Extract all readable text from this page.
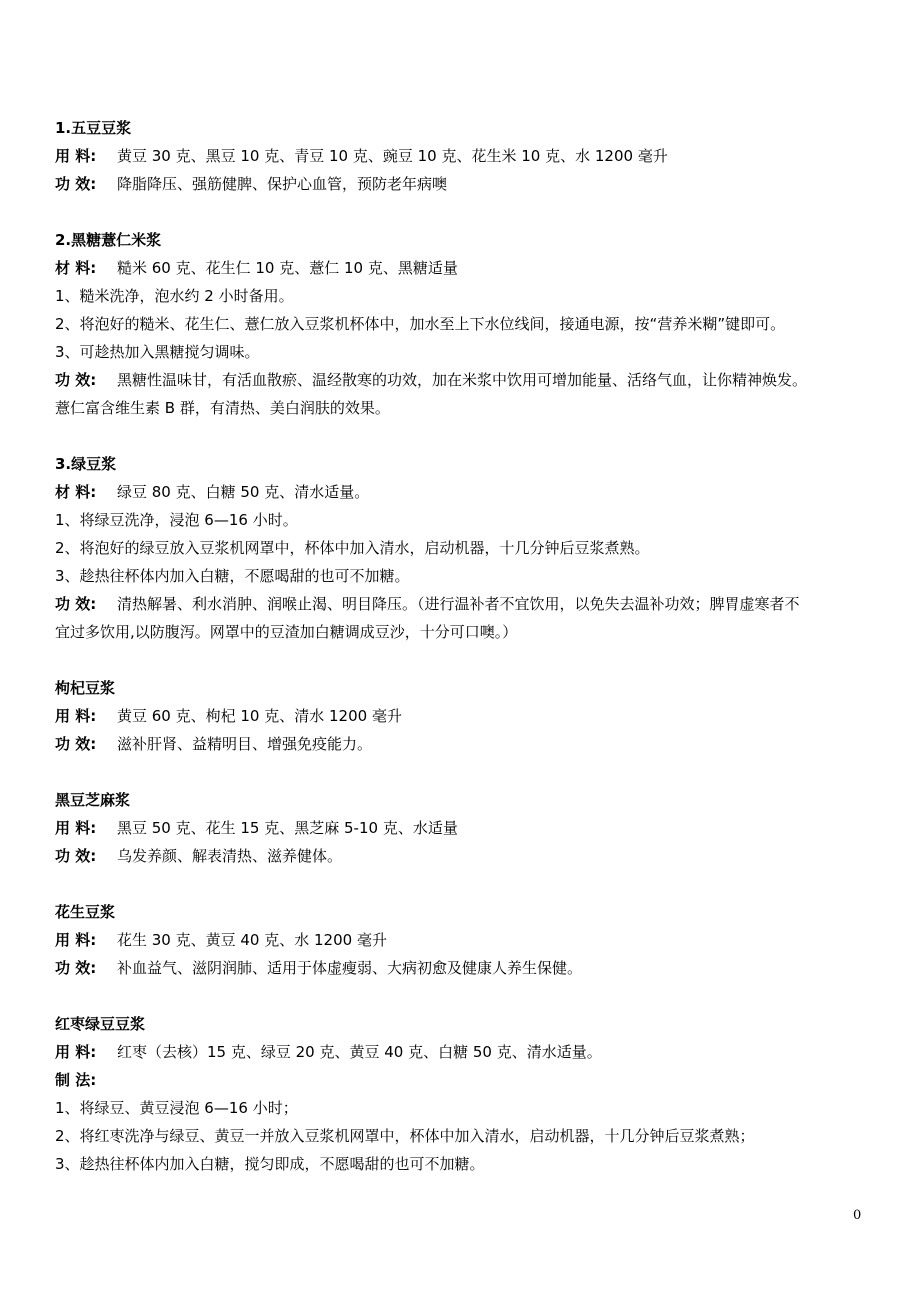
1.五豆豆浆
用 料: 黄豆 30 克、黑豆 10 克、青豆 10 克、豌豆 10 克、花生米 10 克、水 1200 毫升
功 效: 降脂降压、强筋健脾、保护心血管，预防老年病噢
2.黑糖薏仁米浆
材 料: 糙米 60 克、花生仁 10 克、薏仁 10 克、黑糖适量
1、糙米洗净，泡水约 2 小时备用。
2、将泡好的糙米、花生仁、薏仁放入豆浆机杯体中，加水至上下水位线间，接通电源，按“营养米糊”键即可。
3、可趁热加入黑糖搅匀调味。
功 效: 黑糖性温味甘，有活血散瘀、温经散寒的功效，加在米浆中饮用可增加能量、活络气血，让你精神焕发。
薏仁富含维生素 B 群，有清热、美白润肤的效果。
3.绿豆浆
材 料: 绿豆 80 克、白糖 50 克、清水适量。
1、将绿豆洗净，浸泡 6—16 小时。
2、将泡好的绿豆放入豆浆机网罩中，杯体中加入清水，启动机器，十几分钟后豆浆煮熟。
3、趁热往杯体内加入白糖，不愿喝甜的也可不加糖。
功 效: 清热解暑、利水消肿、润喉止渴、明目降压。（进行温补者不宜饮用，以免失去温补功效；脾胃虚寒者不
宜过多饮用,以防腹泻。网罩中的豆渣加白糖调成豆沙，十分可口噢。）
枸杞豆浆
用 料: 黄豆 60 克、枸杞 10 克、清水 1200 毫升
功 效: 滋补肝肾、益精明目、增强免疫能力。
黑豆芝麻浆
用 料: 黑豆 50 克、花生 15 克、黑芝麻 5-10 克、水适量
功 效: 乌发养颜、解表清热、滋养健体。
花生豆浆
用 料: 花生 30 克、黄豆 40 克、水 1200 毫升
功 效: 补血益气、滋阴润肺、适用于体虚瘦弱、大病初愈及健康人养生保健。
红枣绿豆豆浆
用 料: 红枣（去核）15 克、绿豆 20 克、黄豆 40 克、白糖 50 克、清水适量。
制 法:
1、将绿豆、黄豆浸泡 6—16 小时；
2、将红枣洗净与绿豆、黄豆一并放入豆浆机网罩中，杯体中加入清水，启动机器，十几分钟后豆浆煮熟；
3、趁热往杯体内加入白糖，搅匀即成，不愿喝甜的也可不加糖。
0
